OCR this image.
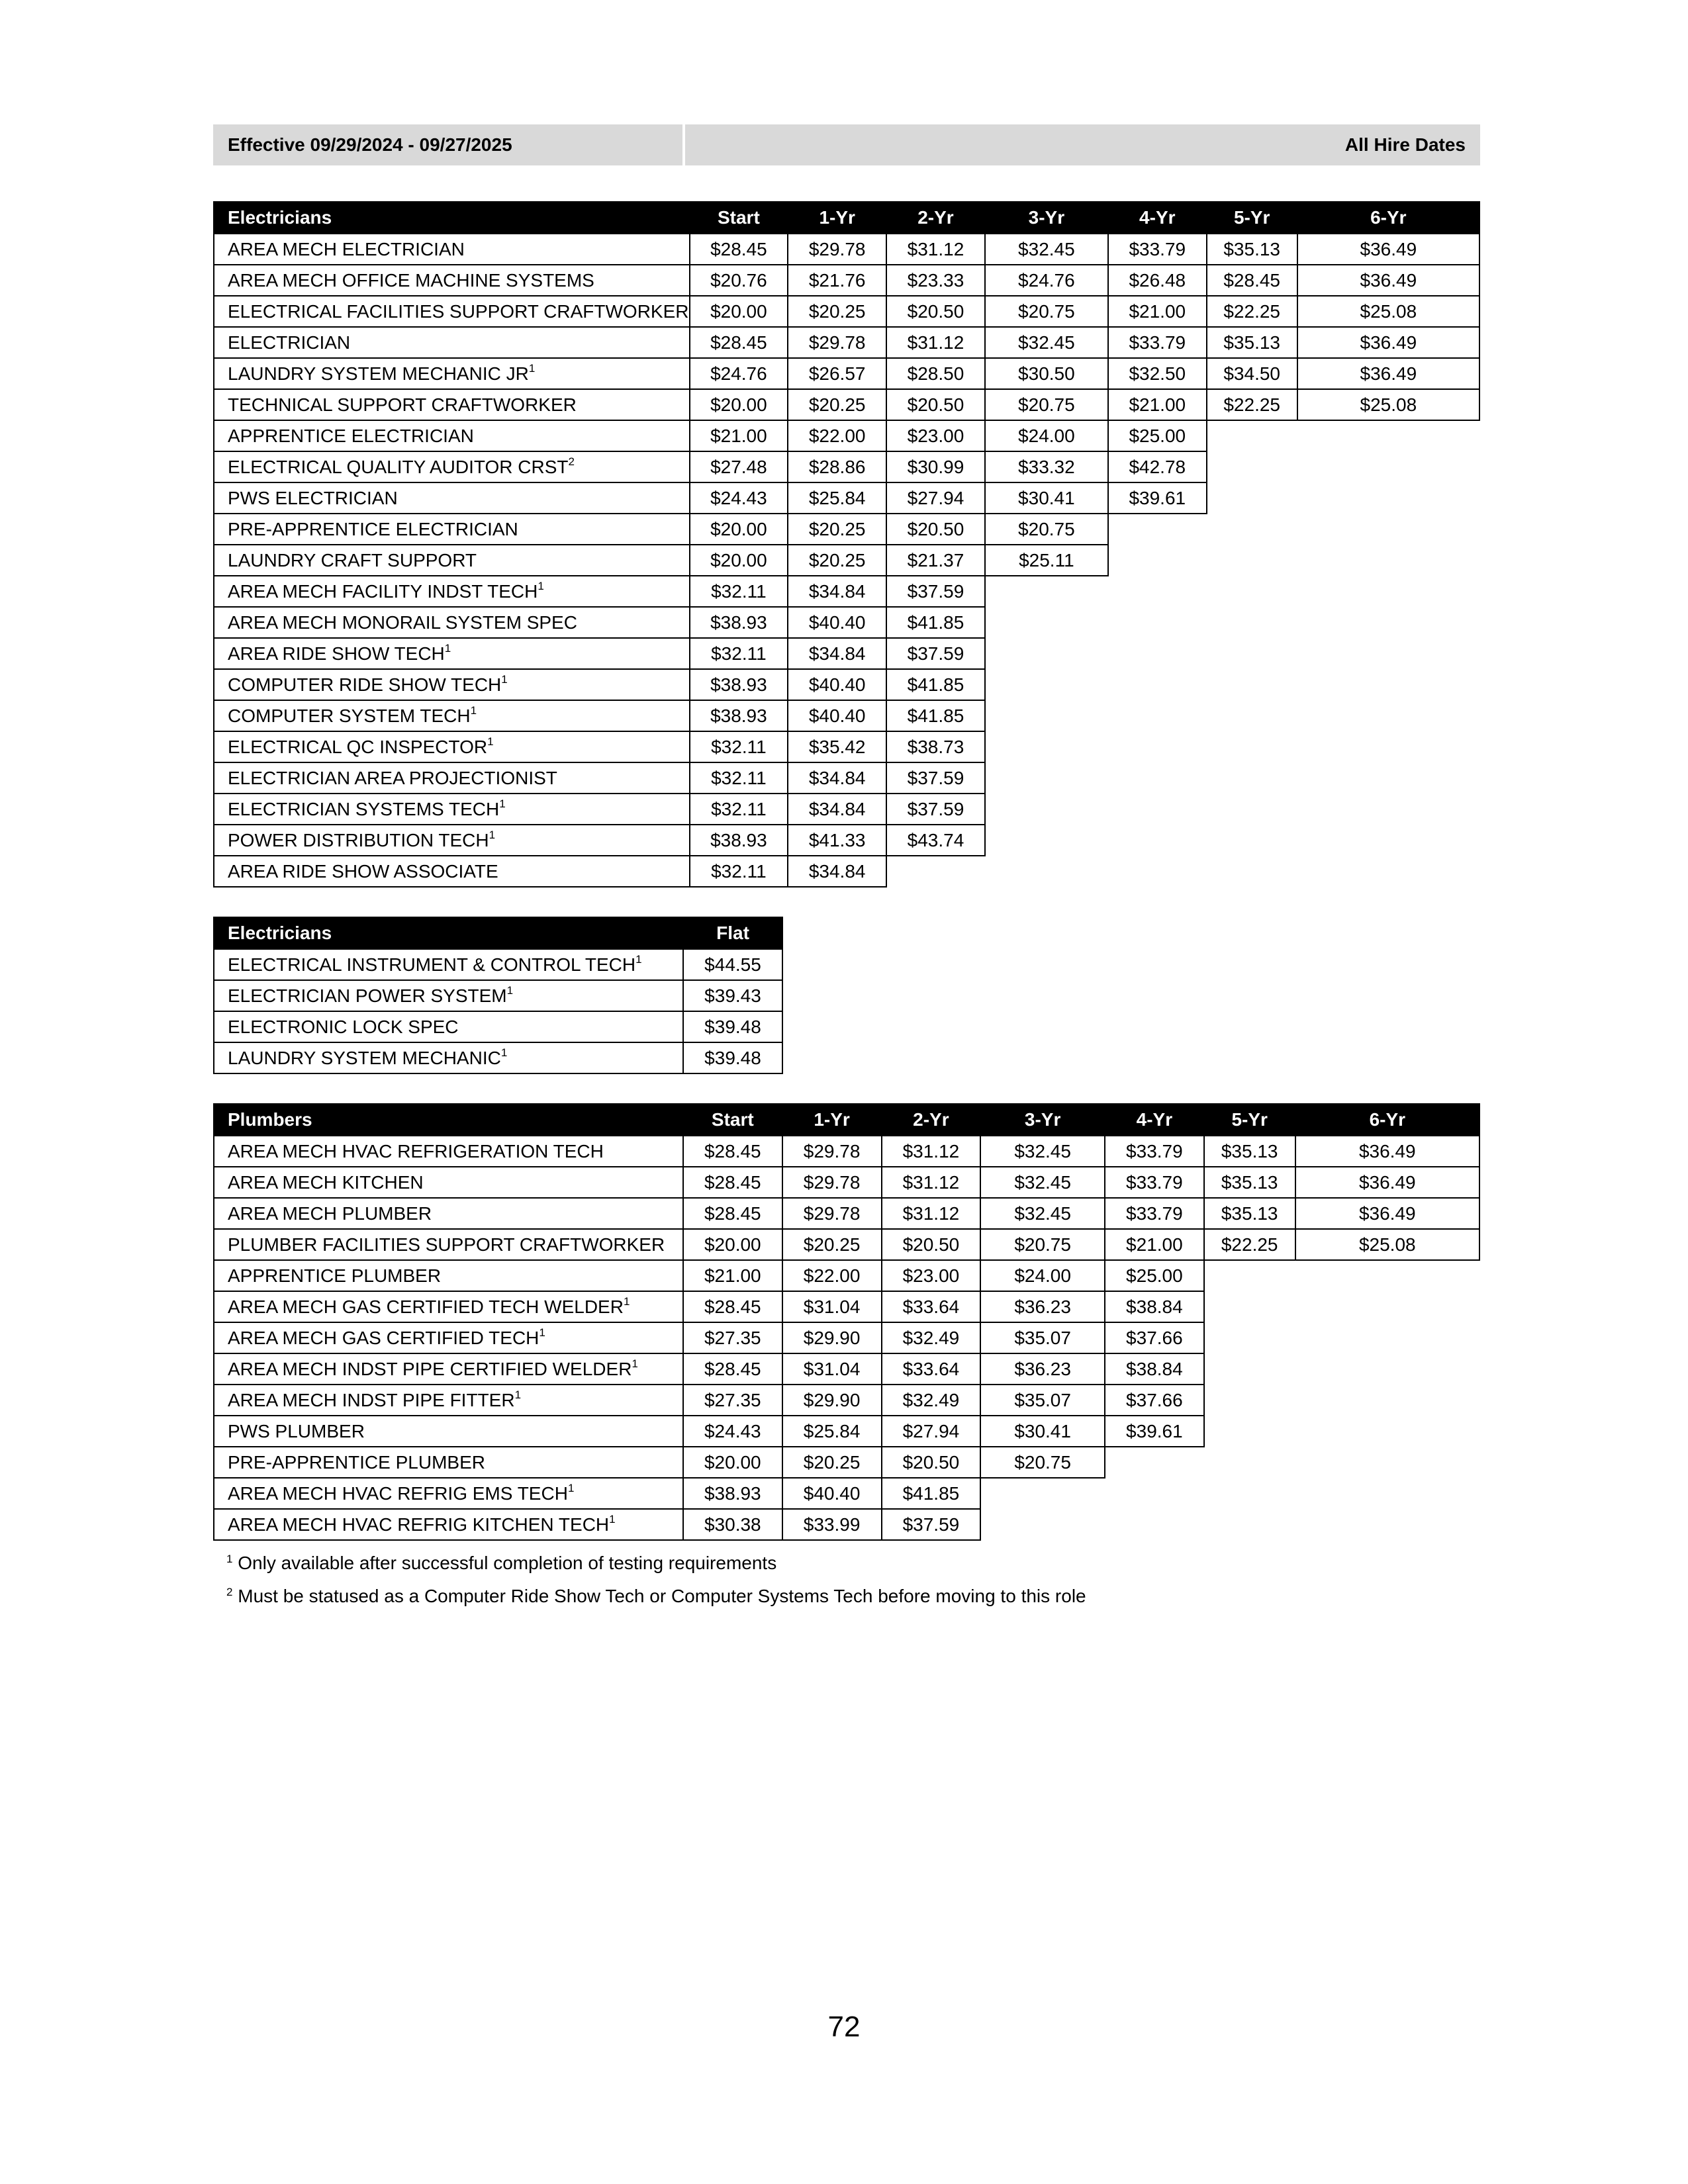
Effective 09/29/2024 - 09/27/2025	All Hire Dates
Electricians	Start	1-Yr	2-Yr	3-Yr	4-Yr	5-Yr	6-Yr
AREA MECH ELECTRICIAN	$28.45	$29.78	$31.12	$32.45	$33.79	$35.13	$36.49
AREA MECH OFFICE MACHINE SYSTEMS	$20.76	$21.76	$23.33	$24.76	$26.48	$28.45	$36.49
ELECTRICAL FACILITIES SUPPORT CRAFTWORKER	$20.00	$20.25	$20.50	$20.75	$21.00	$22.25	$25.08
ELECTRICIAN	$28.45	$29.78	$31.12	$32.45	$33.79	$35.13	$36.49
LAUNDRY SYSTEM MECHANIC $JR^1$	$24.76	$26.57	$28.50	$30.50	$32.50	$34.50	$36.49
TECHNICAL SUPPORT CRAFTWORKER	$20.00	$20.25	$20.50	$20.75	$21.00	$22.25	$25.08
APPRENTICE ELECTRICIAN	$21.00	$22.00	$23.00	$24.00	$25.00		
ELECTRICAL QUALITY AUDITOR CRST$^2$	$27.48	$28.86	$30.99	$33.32	$42.78		
PWS ELECTRICIAN	$24.43	$25.84	$27.94	$30.41	$39.61		
PRE-APPRENTICE ELECTRICIAN	$20.00	$20.25	$20.50	$20.75			
LAUNDRY CRAFT SUPPORT	$20.00	$20.25	$21.37	$25.11			
AREA MECH FACILITY INDST TECH$^1$	$32.11	$34.84	$37.59				
AREA MECH MONORAIL SYSTEM SPEC	$38.93	$40.40	$41.85				
AREA RIDE SHOW TECH$^1$	$32.11	$34.84	$37.59				
COMPUTER RIDE SHOW TECH$^1$	$38.93	$40.40	$41.85				
COMPUTER SYSTEM TECH$^1$	$38.93	$40.40	$41.85				
ELECTRICAL QC INSPECTOR$^1$	$32.11	$35.42	$38.73				
ELECTRICIAN AREA PROJECTIONIST	$32.11	$34.84	$37.59				
ELECTRICIAN SYSTEMS TECH$^1$	$32.11	$34.84	$37.59				
POWER DISTRIBUTION TECH$^1$	$38.93	$41.33	$43.74				
AREA RIDE SHOW ASSOCIATE	$32.11	$34.84					
Electricians	Flat
ELECTRICAL INSTRUMENT & CONTROL TECH$^1$	$44.55
ELECTRICIAN POWER SYSTEM$^1$	$39.43
ELECTRONIC LOCK SPEC	$39.48
LAUNDRY SYSTEM MECHANIC$^1$	$39.48
Plumbers	Start	1-Yr	2-Yr	3-Yr	4-Yr	5-Yr	6-Yr
AREA MECH HVAC REFRIGERATION TECH	$28.45	$29.78	$31.12	$32.45	$33.79	$35.13	$36.49
AREA MECH KITCHEN	$28.45	$29.78	$31.12	$32.45	$33.79	$35.13	$36.49
AREA MECH PLUMBER	$28.45	$29.78	$31.12	$32.45	$33.79	$35.13	$36.49
PLUMBER FACILITIES SUPPORT CRAFTWORKER	$20.00	$20.25	$20.50	$20.75	$21.00	$22.25	$25.08
APPRENTICE PLUMBER	$21.00	$22.00	$23.00	$24.00	$25.00		
AREA MECH GAS CERTIFIED TECH WELDER$^1$	$28.45	$31.04	$33.64	$36.23	$38.84		
AREA MECH GAS CERTIFIED TECH$^1$	$27.35	$29.90	$32.49	$35.07	$37.66		
AREA MECH INDST PIPE CERTIFIED WELDER$^1$	$28.45	$31.04	$33.64	$36.23	$38.84		
AREA MECH INDST PIPE FITTER$^1$	$27.35	$29.90	$32.49	$35.07	$37.66		
PWS PLUMBER	$24.43	$25.84	$27.94	$30.41	$39.61		
PRE-APPRENTICE PLUMBER	$20.00	$20.25	$20.50	$20.75			
AREA MECH HVAC REFRIG EMS TECH$^1$	$38.93	$40.40	$41.85				
AREA MECH HVAC REFRIG KITCHEN TECH$^1$	$30.38	$33.99	$37.59				
$^1$ Only available after successful completion of testing requirements
$^2$ Must be statused as a Computer Ride Show Tech or Computer Systems Tech before moving to this role
72
